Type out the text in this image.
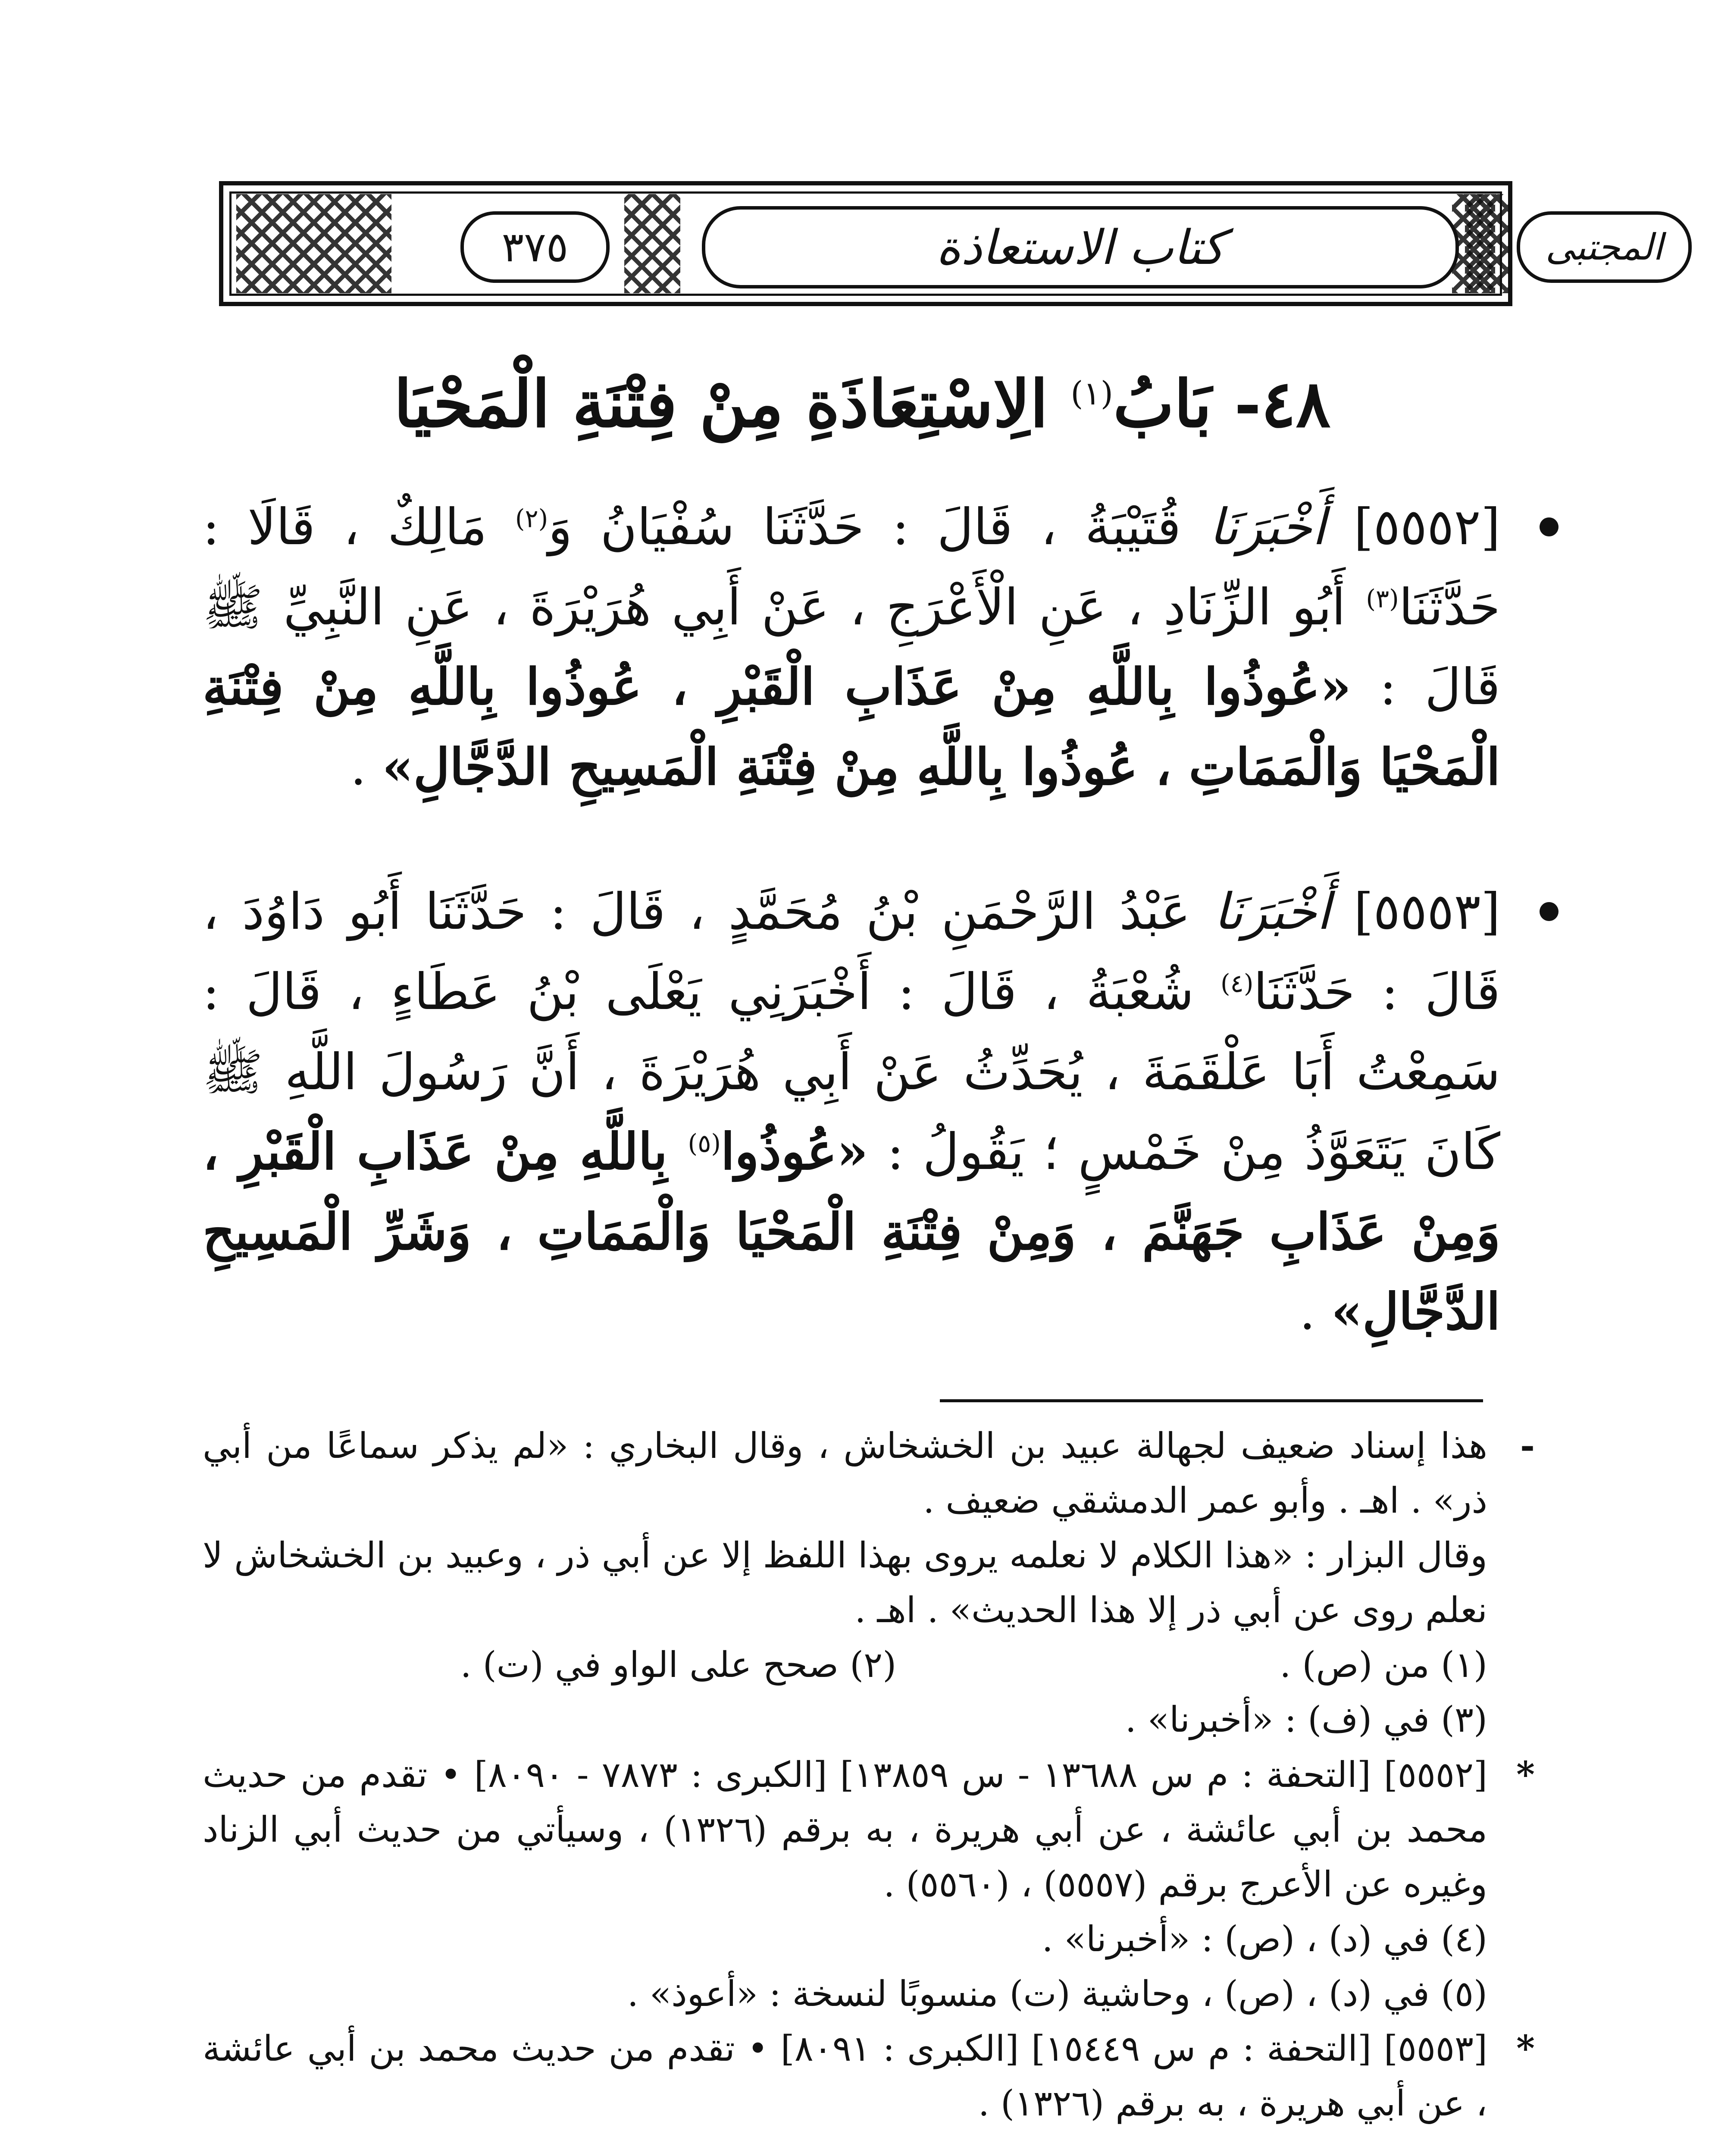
٣٧٥	كتاب الاستعاذة	المجتبى
٤٨- بَابُ$^{(١)}$ الِاسْتِعَاذَةِ مِنْ فِتْنَةِ الْمَحْيَا

[٥٥٥٢] أَخْبَرَنَا قُتَيْبَةُ ، قَالَ : حَدَّثَنَا سُفْيَانُ وَ$^{(٢)}$ مَالِكٌ ، قَالَا : حَدَّثَنَا$^{(٣)}$ أَبُو الزِّنَادِ ، عَنِ الْأَعْرَجِ ، عَنْ أَبِي هُرَيْرَةَ ، عَنِ النَّبِيِّ ﷺ قَالَ : «عُوذُوا بِاللَّهِ مِنْ عَذَابِ الْقَبْرِ ، عُوذُوا بِاللَّهِ مِنْ فِتْنَةِ الْمَحْيَا وَالْمَمَاتِ ، عُوذُوا بِاللَّهِ مِنْ فِتْنَةِ الْمَسِيحِ الدَّجَّالِ» .

[٥٥٥٣] أَخْبَرَنَا عَبْدُ الرَّحْمَنِ بْنُ مُحَمَّدٍ ، قَالَ : حَدَّثَنَا أَبُو دَاوُدَ ، قَالَ : حَدَّثَنَا$^{(٤)}$ شُعْبَةُ ، قَالَ : أَخْبَرَنِي يَعْلَى بْنُ عَطَاءٍ ، قَالَ : سَمِعْتُ أَبَا عَلْقَمَةَ ، يُحَدِّثُ عَنْ أَبِي هُرَيْرَةَ ، أَنَّ رَسُولَ اللَّهِ ﷺ كَانَ يَتَعَوَّذُ مِنْ خَمْسٍ ؛ يَقُولُ : «عُوذُوا$^{(٥)}$ بِاللَّهِ مِنْ عَذَابِ الْقَبْرِ ، وَمِنْ عَذَابِ جَهَنَّمَ ، وَمِنْ فِتْنَةِ الْمَحْيَا وَالْمَمَاتِ ، وَشَرِّ الْمَسِيحِ الدَّجَّالِ» .

-
هذا إسناد ضعيف لجهالة عبيد بن الخشخاش ، وقال البخاري : «لم يذكر سماعًا من أبي ذر» . اهـ . وأبو عمر الدمشقي ضعيف .

وقال البزار : «هذا الكلام لا نعلمه يروى بهذا اللفظ إلا عن أبي ذر ، وعبيد بن الخشخاش لا نعلم روى عن أبي ذر إلا هذا الحديث» . اهـ .

(١) من (ص) .
(٢) صحح على الواو في (ت) .

(٣) في (ف) : «أخبرنا» .

*
[٥٥٥٢] [التحفة : م س ١٣٦٨٨ - س ١٣٨٥٩] [الكبرى : ٧٨٧٣ - ٨٠٩٠] • تقدم من حديث محمد بن أبي عائشة ، عن أبي هريرة ، به برقم (١٣٢٦) ، وسيأتي من حديث أبي الزناد وغيره عن الأعرج برقم (٥٥٥٧) ، (٥٥٦٠) .

(٤) في (د) ، (ص) : «أخبرنا» .

(٥) في (د) ، (ص) ، وحاشية (ت) منسوبًا لنسخة : «أعوذ» .

*
[٥٥٥٣] [التحفة : م س ١٥٤٤٩] [الكبرى : ٨٠٩١] • تقدم من حديث محمد بن أبي عائشة ، عن أبي هريرة ، به برقم (١٣٢٦) .
